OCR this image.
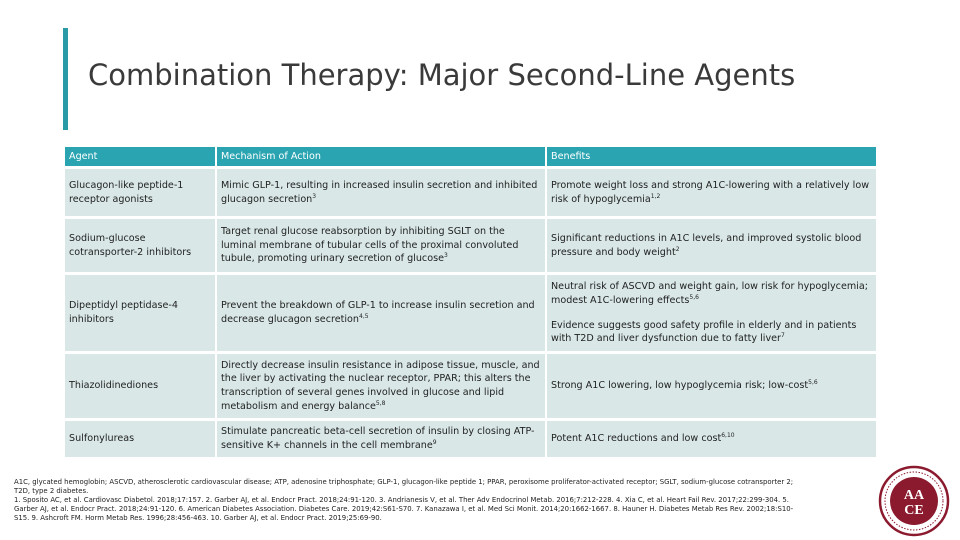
Combination Therapy: Major Second-Line Agents
Agent	Mechanism of Action	Benefits
Glucagon-like peptide-1 receptor agonists	Mimic GLP-1, resulting in increased insulin secretion and inhibited glucagon secretion$^3$	Promote weight loss and strong A1C-lowering with a relatively low risk of hypoglycemia$^{1,2}$

Sodium-glucose cotransporter-2 inhibitors	Target renal glucose reabsorption by inhibiting SGLT on the luminal membrane of tubular cells of the proximal convoluted tubule, promoting urinary secretion of glucose$^3$	Significant reductions in A1C levels, and improved systolic blood pressure and body weight$^2$

Dipeptidyl peptidase-4 inhibitors	Prevent the breakdown of GLP-1 to increase insulin secretion and decrease glucagon secretion$^{4,5}$	Neutral risk of ASCVD and weight gain, low risk for hypoglycemia; modest A1C-lowering effects$^{5,6}$
Evidence suggests good safety profile in elderly and in patients with T2D and liver dysfunction due to fatty liver$^7$

Thiazolidinediones	Directly decrease insulin resistance in adipose tissue, muscle, and the liver by activating the nuclear receptor, PPAR; this alters the transcription of several genes involved in glucose and lipid metabolism and energy balance$^{5,8}$	Strong A1C lowering, low hypoglycemia risk; low-cost$^{5,6}$

Sulfonylureas	Stimulate pancreatic beta-cell secretion of insulin by closing ATP-sensitive K+ channels in the cell membrane$^9$	Potent A1C reductions and low cost$^{6,10}$

A1C, glycated hemoglobin; ASCVD, atherosclerotic cardiovascular disease; ATP, adenosine triphosphate; GLP-1, glucagon-like peptide 1; PPAR, peroxisome proliferator-activated receptor; SGLT, sodium-glucose cotransporter 2; T2D, type 2 diabetes.

1. Sposito AC, et al. Cardiovasc Diabetol. 2018;17:157. 2. Garber AJ, et al. Endocr Pract. 2018;24:91-120. 3. Andrianesis V, et al. Ther Adv Endocrinol Metab. 2016;7:212-228. 4. Xia C, et al. Heart Fail Rev. 2017;22:299-304. 5. Garber AJ, et al. Endocr Pract. 2018;24:91-120. 6. American Diabetes Association. Diabetes Care. 2019;42:S61-S70. 7. Kanazawa I, et al. Med Sci Monit. 2014;20:1662-1667. 8. Hauner H. Diabetes Metab Res Rev. 2002;18:S10-S15. 9. Ashcroft FM. Horm Metab Res. 1996;28:456-463. 10. Garber AJ, et al. Endocr Pract. 2019;25:69-90.

AA
CE
